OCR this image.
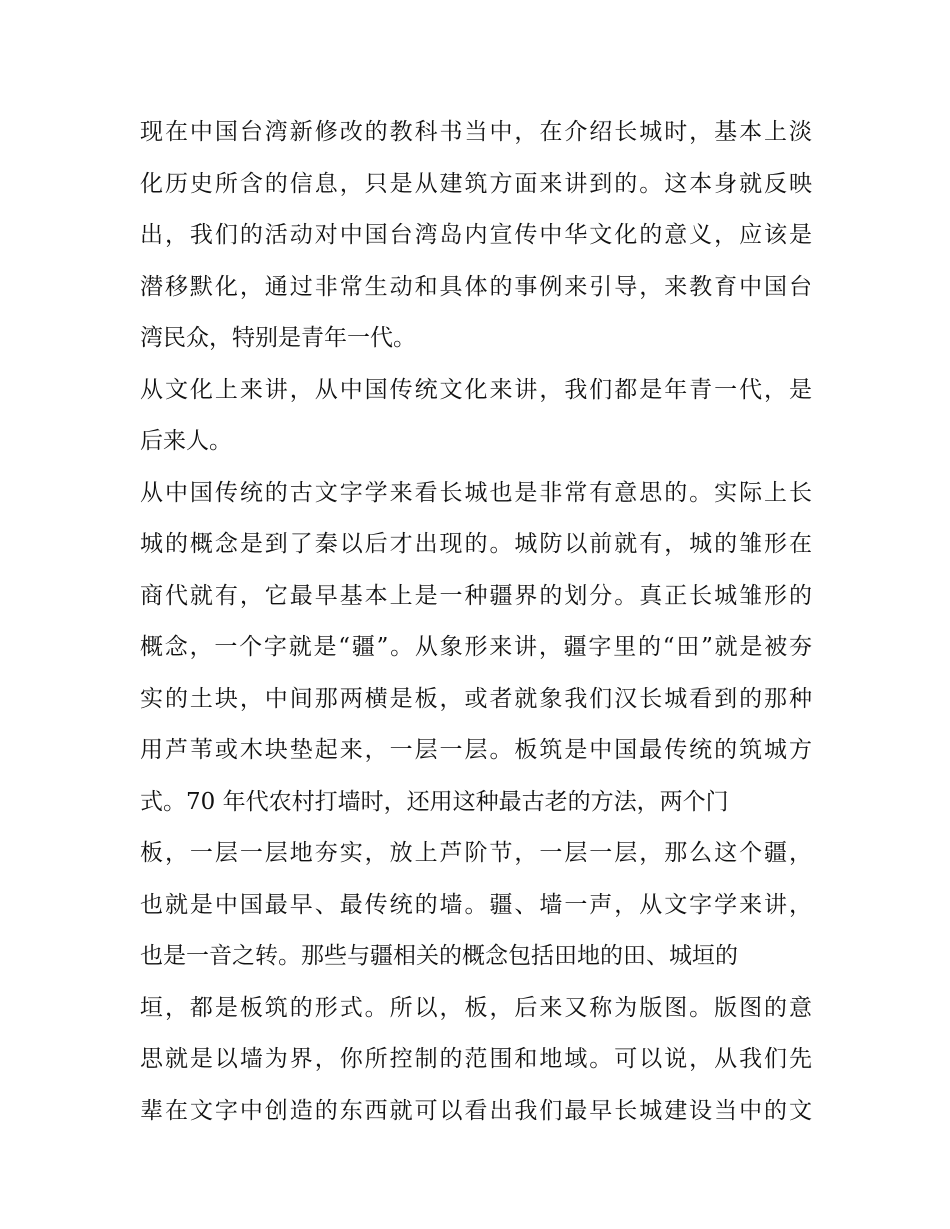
现在中国台湾新修改的教科书当中，在介绍长城时，基本上淡
化历史所含的信息，只是从建筑方面来讲到的。这本身就反映
出，我们的活动对中国台湾岛内宣传中华文化的意义，应该是
潜移默化，通过非常生动和具体的事例来引导，来教育中国台
湾民众，特别是青年一代。
从文化上来讲，从中国传统文化来讲，我们都是年青一代，是
后来人。
从中国传统的古文字学来看长城也是非常有意思的。实际上长
城的概念是到了秦以后才出现的。城防以前就有，城的雏形在
商代就有，它最早基本上是一种疆界的划分。真正长城雏形的
概念，一个字就是“疆”。从象形来讲，疆字里的“田”就是被夯
实的土块，中间那两横是板，或者就象我们汉长城看到的那种
用芦苇或木块垫起来，一层一层。板筑是中国最传统的筑城方
式。70 年代农村打墙时，还用这种最古老的方法，两个门
板，一层一层地夯实，放上芦阶节，一层一层，那么这个疆，
也就是中国最早、最传统的墙。疆、墙一声，从文字学来讲，
也是一音之转。那些与疆相关的概念包括田地的田、城垣的
垣，都是板筑的形式。所以，板，后来又称为版图。版图的意
思就是以墙为界，你所控制的范围和地域。可以说，从我们先
辈在文字中创造的东西就可以看出我们最早长城建设当中的文
